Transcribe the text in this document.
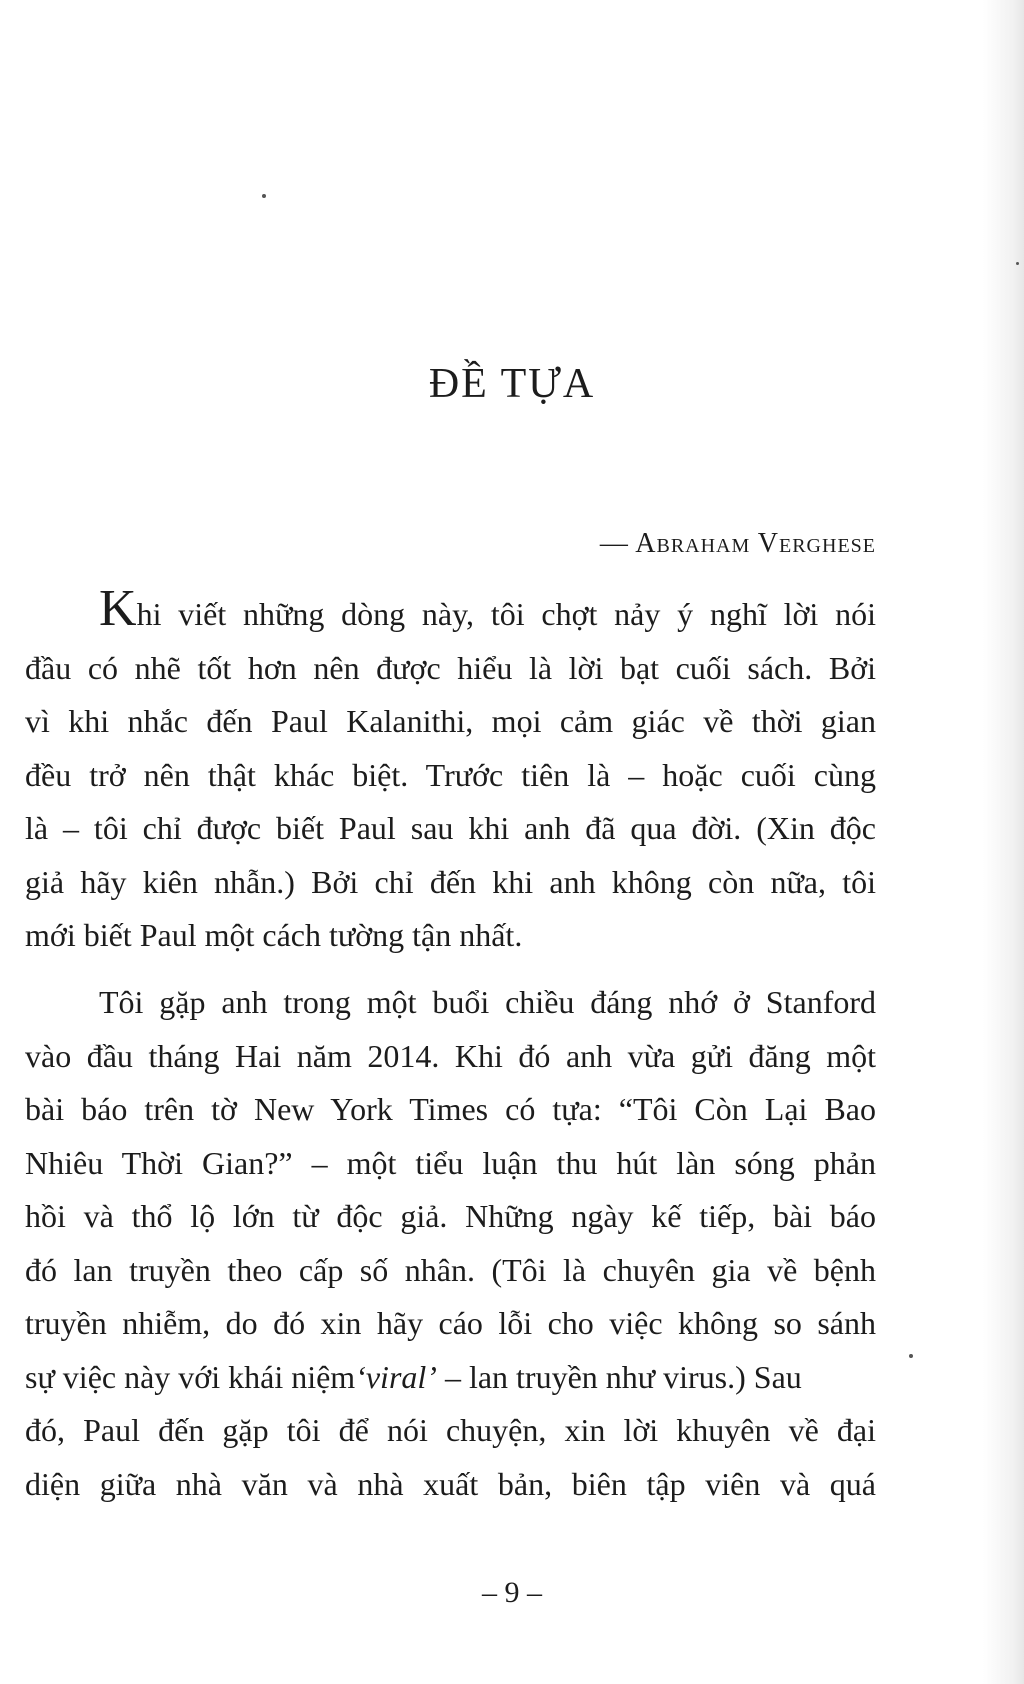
ĐỀ TỰA

— Abraham Verghese

Khi viết những dòng này, tôi chợt nảy ý nghĩ lời nói
đầu có nhẽ tốt hơn nên được hiểu là lời bạt cuối sách. Bởi
vì khi nhắc đến Paul Kalanithi, mọi cảm giác về thời gian
đều trở nên thật khác biệt. Trước tiên là – hoặc cuối cùng
là – tôi chỉ được biết Paul sau khi anh đã qua đời. (Xin độc
giả hãy kiên nhẫn.) Bởi chỉ đến khi anh không còn nữa, tôi
mới biết Paul một cách tường tận nhất.
Tôi gặp anh trong một buổi chiều đáng nhớ ở Stanford
vào đầu tháng Hai năm 2014. Khi đó anh vừa gửi đăng một
bài báo trên tờ New York Times có tựa: “Tôi Còn Lại Bao
Nhiêu Thời Gian?” – một tiểu luận thu hút làn sóng phản
hồi và thổ lộ lớn từ độc giả. Những ngày kế tiếp, bài báo
đó lan truyền theo cấp số nhân. (Tôi là chuyên gia về bệnh
truyền nhiễm, do đó xin hãy cáo lỗi cho việc không so sánh
sự việc này với khái niệm‘viral’ – lan truyền như virus.) Sau
đó, Paul đến gặp tôi để nói chuyện, xin lời khuyên về đại
diện giữa nhà văn và nhà xuất bản, biên tập viên và quá

– 9 –
